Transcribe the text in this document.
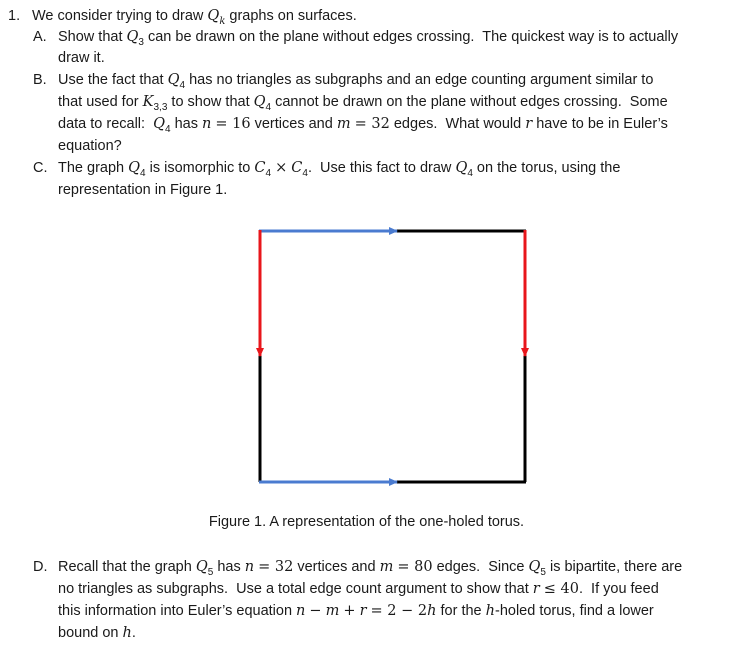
1. We consider trying to draw $Q_k$ graphs on surfaces.
A. Show that $Q_3$ can be drawn on the plane without edges crossing.  The quickest way is to actually
draw it.
B. Use the fact that $Q_4$ has no triangles as subgraphs and an edge counting argument similar to
that used for $K_{3,3}$ to show that $Q_4$ cannot be drawn on the plane without edges crossing.  Some
data to recall:  $Q_4$ has n = 16 vertices and m = 32 edges.  What would r have to be in Euler’s
equation?
C. The graph $Q_4$ is isomorphic to $C_4 \times C_4$.  Use this fact to draw $Q_4$ on the torus, using the
representation in Figure 1.
Figure 1. A representation of the one-holed torus.
D. Recall that the graph $Q_5$ has n = 32 vertices and m = 80 edges.  Since $Q_5$ is bipartite, there are
no triangles as subgraphs.  Use a total edge count argument to show that r ≤ 40.  If you feed
this information into Euler’s equation n − m + r = 2 − 2h for the h-holed torus, find a lower
bound on h.
